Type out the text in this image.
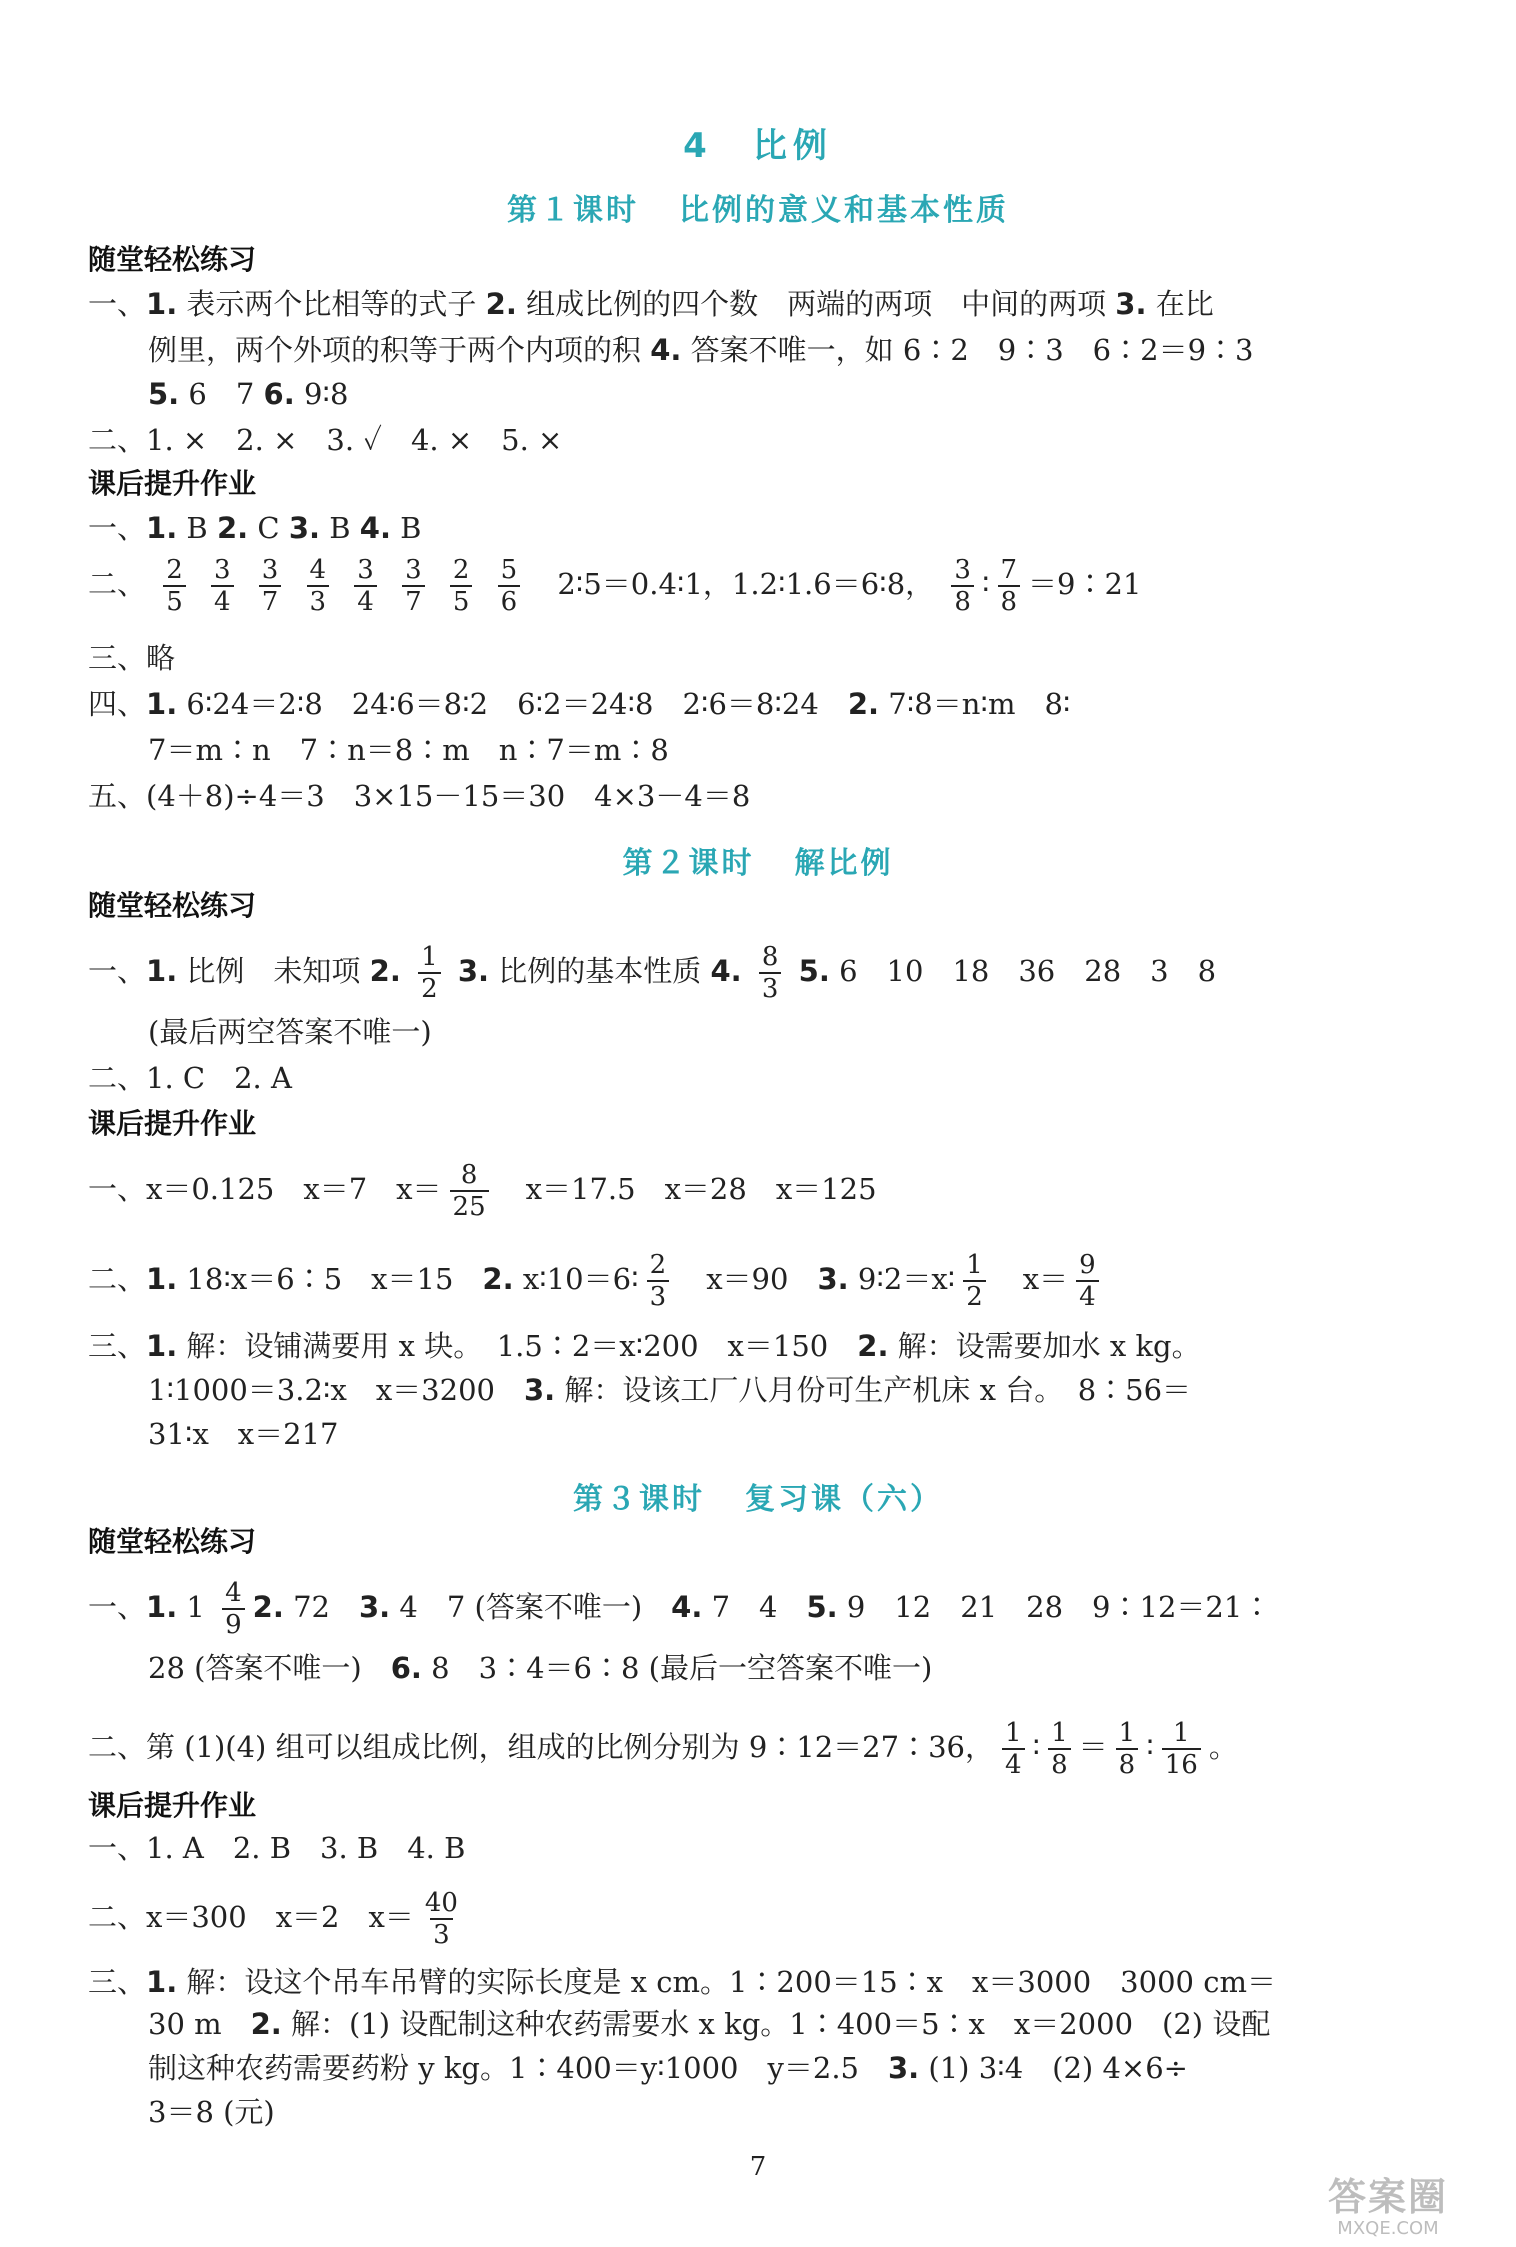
4　比例
第１课时 比例的意义和基本性质
随堂轻松练习
一、1. 表示两个比相等的式子 2. 组成比例的四个数　两端的两项　中间的两项 3. 在比
例里，两个外项的积等于两个内项的积 4. 答案不唯一，如 6∶2　9∶3　6∶2＝9∶3
5. 6　7 6. 9∶8
二、1. ×　2. ×　3. ✓　4. ×　5. ×
课后提升作业
一、1. B 2. C 3. B 4. B
二、 $\frac{2}{5}$
$\frac{3}{4}$
$\frac{3}{7}$
$\frac{4}{3}$
$\frac{3}{4}$
$\frac{3}{7}$
$\frac{2}{5}$
$\frac{5}{6}$ 2∶5＝0.4∶1，1.2∶1.6＝6∶8， $\frac{3}{8}$ ∶ $\frac{7}{8}$ ＝9∶21
三、略
四、1. 6∶24＝2∶8　24∶6＝8∶2　6∶2＝24∶8　2∶6＝8∶24　2. 7∶8＝n∶m　8∶
7＝m∶n　7∶n＝8∶m　n∶7＝m∶8
五、(4＋8)÷4＝3　3×15－15＝30　4×3－4＝8
第２课时 解比例
随堂轻松练习
一、1. 比例　未知项 2. $\frac{1}{2} 3$. 比例的基本性质 4. $\frac{8}{3} 5$. 6　10　18　36　28　3　8
(最后两空答案不唯一)
二、1. C　2. A
课后提升作业
一、x＝0.125　x＝7　$x= \frac{8}{25}$ 　x＝17.5　x＝28　x＝125
二、1. 18∶x＝6∶5　x＝15　2. x∶10＝6∶ $\frac{2}{3}$ 　x＝90　3. 9∶2＝x∶ $\frac{1}{2}$ 　$x= \frac{9}{4}$
三、1. 解：设铺满要用 x 块。　1.5∶2＝x∶200　x＝150　2. 解：设需要加水 x kg。
1∶1000＝3.2∶x　x＝3200　3. 解：设该工厂八月份可生产机床 x 台。　8∶56＝
31∶x　x＝217
第３课时 复习课（六）
随堂轻松练习
一、1. $1 \frac{4}{9} 2$. 72　3. 4　7 (答案不唯一)　4. 7　4　5. 9　12　21　28　9∶12＝21∶
28 (答案不唯一)　6. 8　3∶4＝6∶8 (最后一空答案不唯一)
二、第 (1)(4) 组可以组成比例，组成的比例分别为 9∶12＝27∶36， $\frac{1}{4}$ ∶ $\frac{1}{8} = \frac{1}{8}$ ∶ $\frac{1}{16}$ 。
课后提升作业
一、1. A　2. B　3. B　4. B
二、x＝300　x＝2　$x= \frac{40}{3}$
三、1. 解：设这个吊车吊臂的实际长度是 x cm。1∶200＝15∶x　x＝3000　3000 cm＝
30 m　2. 解：(1) 设配制这种农药需要水 x kg。1∶400＝5∶x　x＝2000　(2) 设配
制这种农药需要药粉 y kg。1∶400＝y∶1000　y＝2.5　3. (1) 3∶4　(2) 4×6÷
3＝8 (元)
7
答案圈
MXQE.COM
